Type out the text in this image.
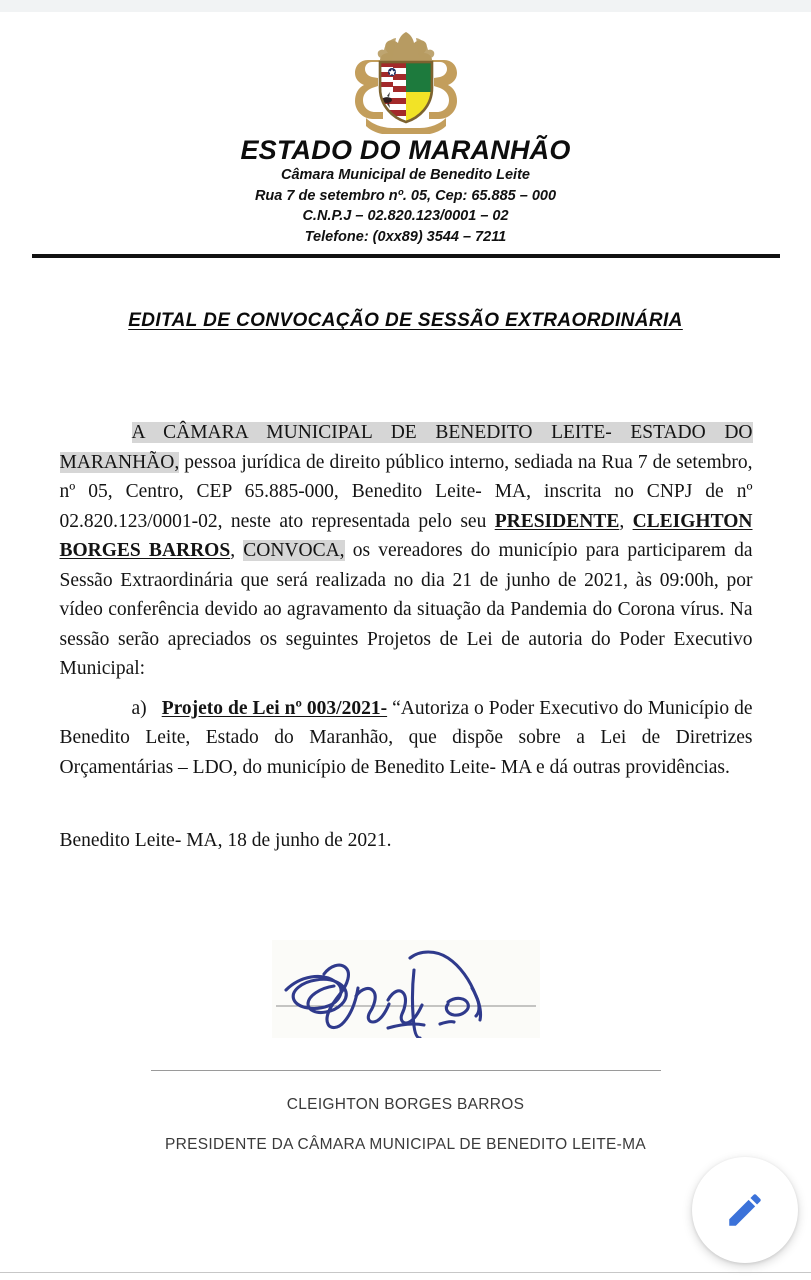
ESTADO DO MARANHÃO
Câmara Municipal de Benedito Leite
Rua 7 de setembro nº. 05, Cep: 65.885 – 000
C.N.P.J – 02.820.123/0001 – 02
Telefone: (0xx89) 3544 – 7211
EDITAL DE CONVOCAÇÃO DE SESSÃO EXTRAORDINÁRIA

A CÂMARA MUNICIPAL DE BENEDITO LEITE- ESTADO DO MARANHÃO, pessoa jurídica de direito público interno, sediada na Rua 7 de setembro, nº 05, Centro, CEP 65.885-000, Benedito Leite- MA, inscrita no CNPJ de nº 02.820.123/0001-02, neste ato representada pelo seu PRESIDENTE, CLEIGHTON BORGES BARROS, CONVOCA, os vereadores do município para participarem da Sessão Extraordinária que será realizada no dia 21 de junho de 2021, às 09:00h, por vídeo conferência devido ao agravamento da situação da Pandemia do Corona vírus. Na sessão serão apreciados os seguintes Projetos de Lei de autoria do Poder Executivo Municipal:

a) Projeto de Lei nº 003/2021- “Autoriza o Poder Executivo do Município de Benedito Leite, Estado do Maranhão, que dispõe sobre a Lei de Diretrizes Orçamentárias – LDO, do município de Benedito Leite- MA e dá outras providências.

Benedito Leite- MA, 18 de junho de 2021.

CLEIGHTON BORGES BARROS
PRESIDENTE DA CÂMARA MUNICIPAL DE BENEDITO LEITE-MA
